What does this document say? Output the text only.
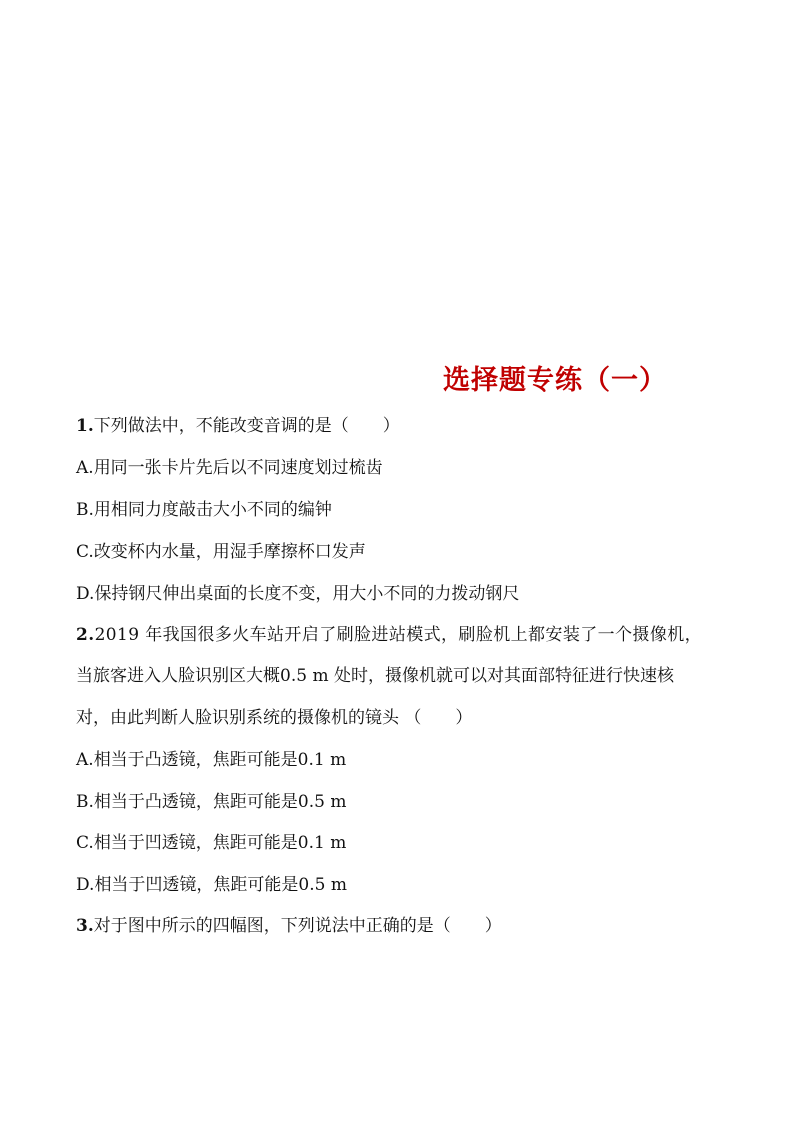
选择题专练（一）
1.下列做法中，不能改变音调的是（　　）
A.用同一张卡片先后以不同速度划过梳齿
B.用相同力度敲击大小不同的编钟
C.改变杯内水量，用湿手摩擦杯口发声
D.保持钢尺伸出桌面的长度不变，用大小不同的力拨动钢尺
2.2019 年我国很多火车站开启了刷脸进站模式，刷脸机上都安装了一个摄像机，
当旅客进入人脸识别区大概0.5 m 处时，摄像机就可以对其面部特征进行快速核
对，由此判断人脸识别系统的摄像机的镜头 （　　）
A.相当于凸透镜，焦距可能是0.1 m
B.相当于凸透镜，焦距可能是0.5 m
C.相当于凹透镜，焦距可能是0.1 m
D.相当于凹透镜，焦距可能是0.5 m
3.对于图中所示的四幅图，下列说法中正确的是（　　）
